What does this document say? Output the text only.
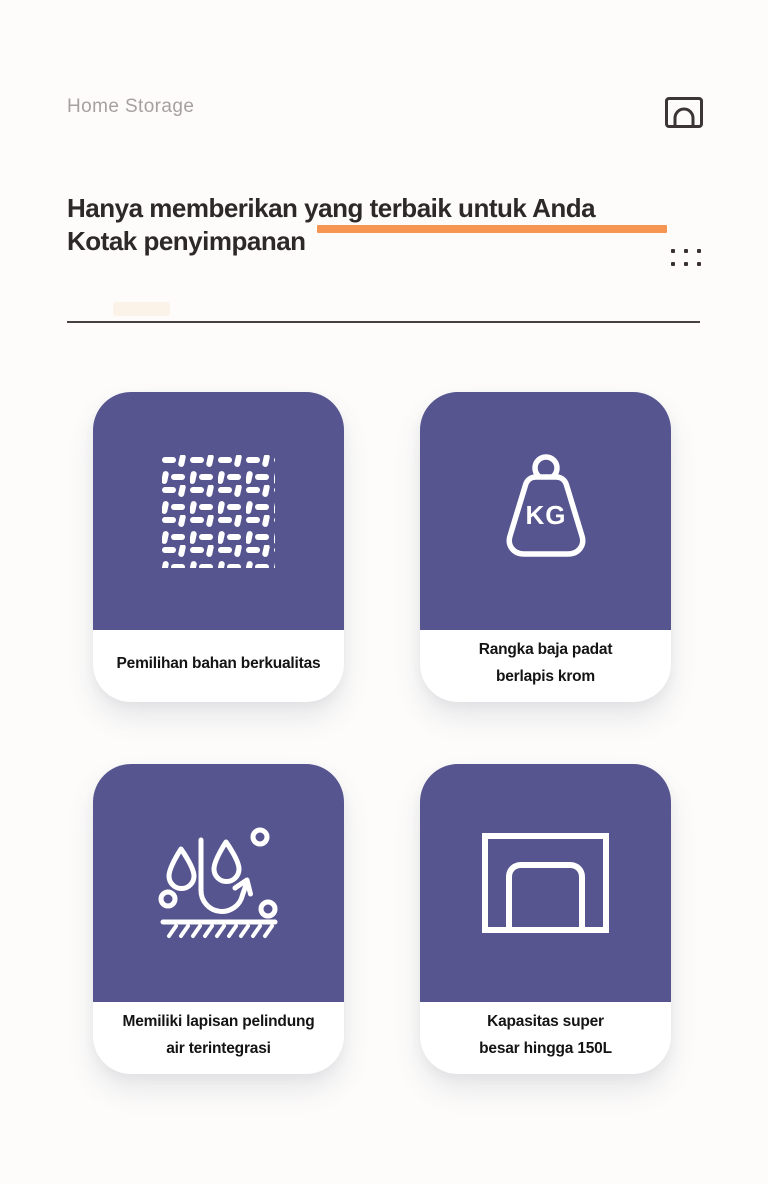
Home Storage
Hanya memberikan yang terbaik untuk Anda
Kotak penyimpanan
Pemilihan bahan berkualitas
KG
Rangka baja padat
berlapis krom
Memiliki lapisan pelindung
air terintegrasi
Kapasitas super
besar hingga 150L
